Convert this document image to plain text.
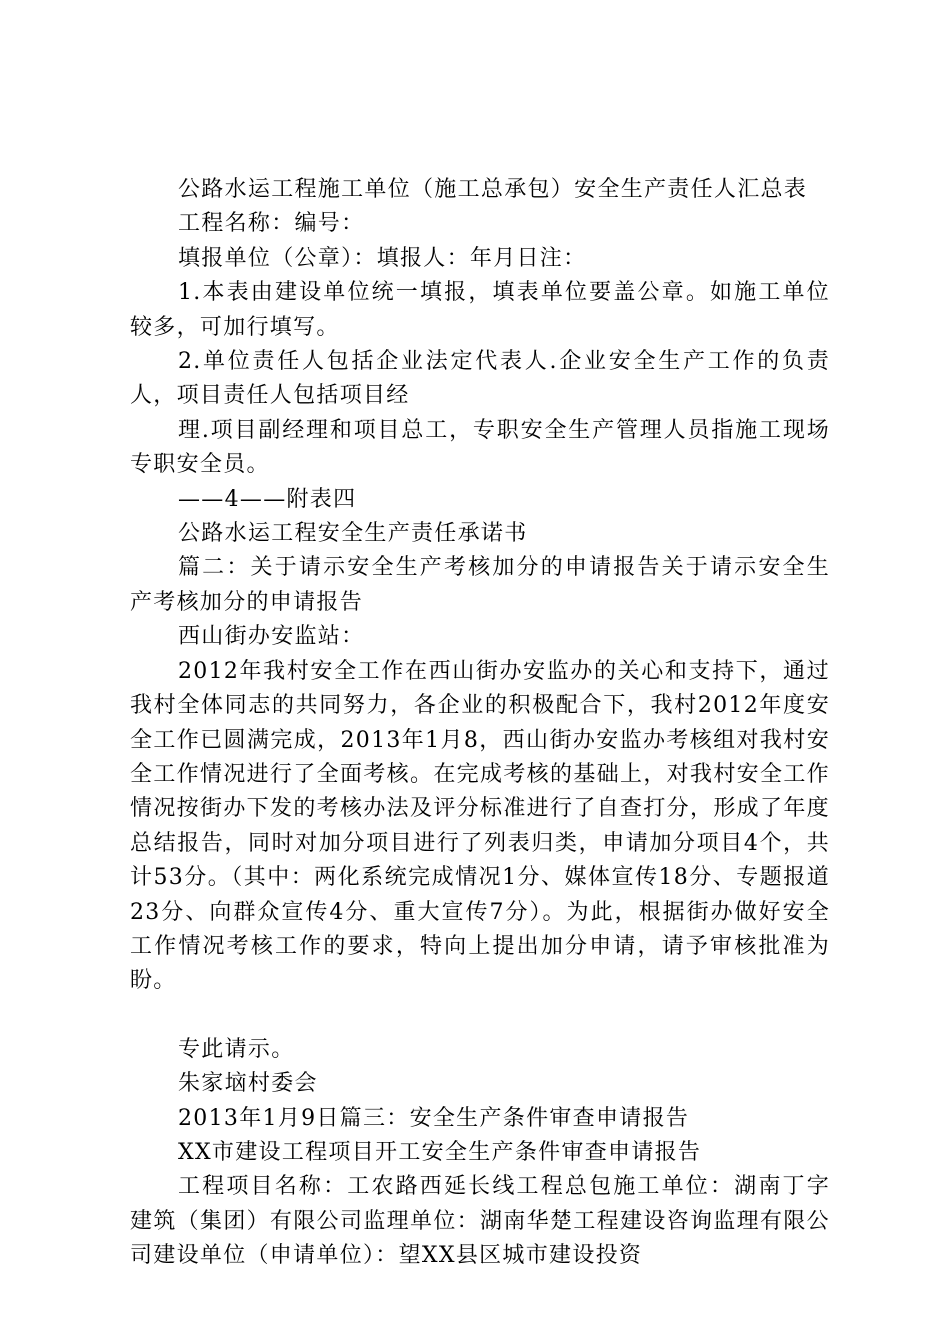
公路水运工程施工单位（施工总承包）安全生产责任人汇总表

工程名称：编号：

填报单位（公章）：填报人：年月日注：

1.本表由建设单位统一填报，填表单位要盖公章。如施工单位较多，可加行填写。

2.单位责任人包括企业法定代表人.企业安全生产工作的负责人，项目责任人包括项目经

理.项目副经理和项目总工，专职安全生产管理人员指施工现场专职安全员。

——4——附表四

公路水运工程安全生产责任承诺书

篇二：关于请示安全生产考核加分的申请报告关于请示安全生产考核加分的申请报告

西山街办安监站：

2012年我村安全工作在西山街办安监办的关心和支持下，通过我村全体同志的共同努力，各企业的积极配合下，我村2012年度安全工作已圆满完成，2013年1月8，西山街办安监办考核组对我村安全工作情况进行了全面考核。在完成考核的基础上，对我村安全工作情况按街办下发的考核办法及评分标准进行了自查打分，形成了年度总结报告，同时对加分项目进行了列表归类，申请加分项目4个，共计53分。（其中：两化系统完成情况1分、媒体宣传18分、专题报道23分、向群众宣传4分、重大宣传7分）。为此，根据街办做好安全工作情况考核工作的要求，特向上提出加分申请，请予审核批准为盼。

专此请示。

朱家垴村委会

2013年1月9日篇三：安全生产条件审查申请报告

XX市建设工程项目开工安全生产条件审查申请报告

工程项目名称：工农路西延长线工程总包施工单位：湖南丁字建筑（集团）有限公司监理单位：湖南华楚工程建设咨询监理有限公司建设单位（申请单位）：望XX县区城市建设投资
